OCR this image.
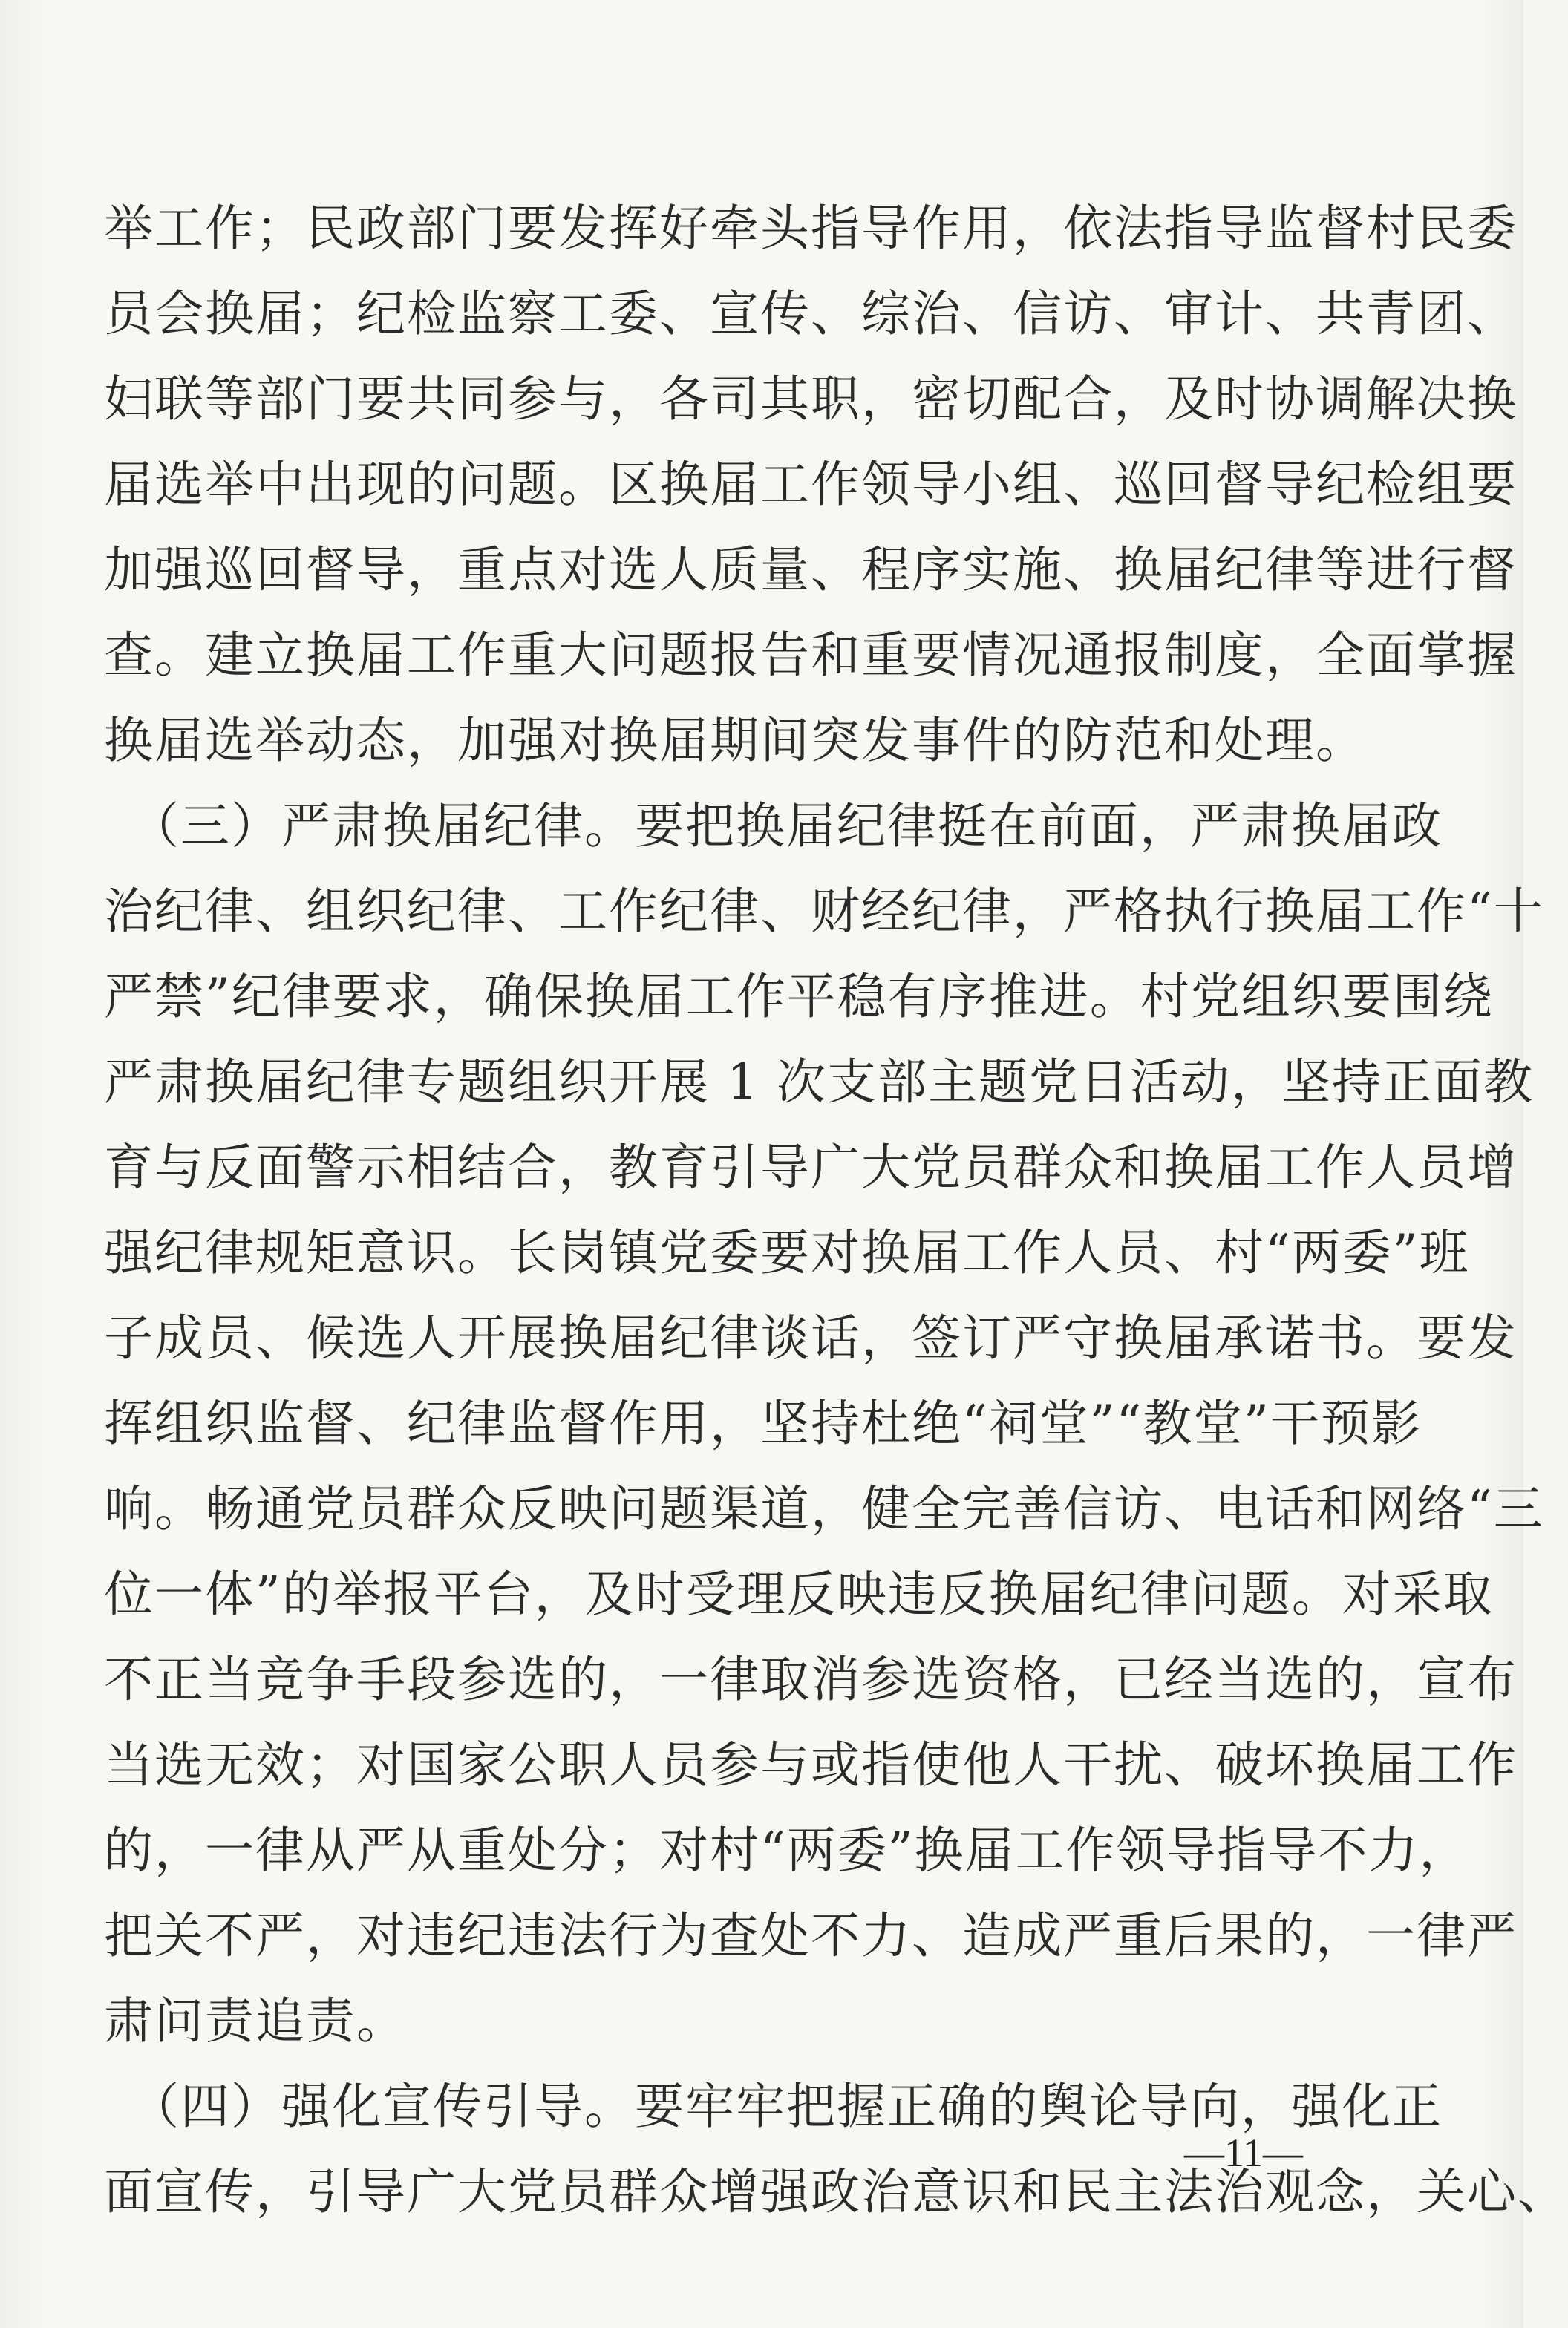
举工作；民政部门要发挥好牵头指导作用，依法指导监督村民委
员会换届；纪检监察工委、宣传、综治、信访、审计、共青团、
妇联等部门要共同参与，各司其职，密切配合，及时协调解决换
届选举中出现的问题。区换届工作领导小组、巡回督导纪检组要
加强巡回督导，重点对选人质量、程序实施、换届纪律等进行督
查。建立换届工作重大问题报告和重要情况通报制度，全面掌握
换届选举动态，加强对换届期间突发事件的防范和处理。
　（三）严肃换届纪律。要把换届纪律挺在前面，严肃换届政
治纪律、组织纪律、工作纪律、财经纪律，严格执行换届工作“十
严禁”纪律要求，确保换届工作平稳有序推进。村党组织要围绕
严肃换届纪律专题组织开展 1 次支部主题党日活动，坚持正面教
育与反面警示相结合，教育引导广大党员群众和换届工作人员增
强纪律规矩意识。长岗镇党委要对换届工作人员、村“两委”班
子成员、候选人开展换届纪律谈话，签订严守换届承诺书。要发
挥组织监督、纪律监督作用，坚持杜绝“祠堂”“教堂”干预影
响。畅通党员群众反映问题渠道，健全完善信访、电话和网络“三
位一体”的举报平台，及时受理反映违反换届纪律问题。对采取
不正当竞争手段参选的，一律取消参选资格，已经当选的，宣布
当选无效；对国家公职人员参与或指使他人干扰、破坏换届工作
的，一律从严从重处分；对村“两委”换届工作领导指导不力，
把关不严，对违纪违法行为查处不力、造成严重后果的，一律严
肃问责追责。
　（四）强化宣传引导。要牢牢把握正确的舆论导向，强化正
面宣传，引导广大党员群众增强政治意识和民主法治观念，关心、
—11—
